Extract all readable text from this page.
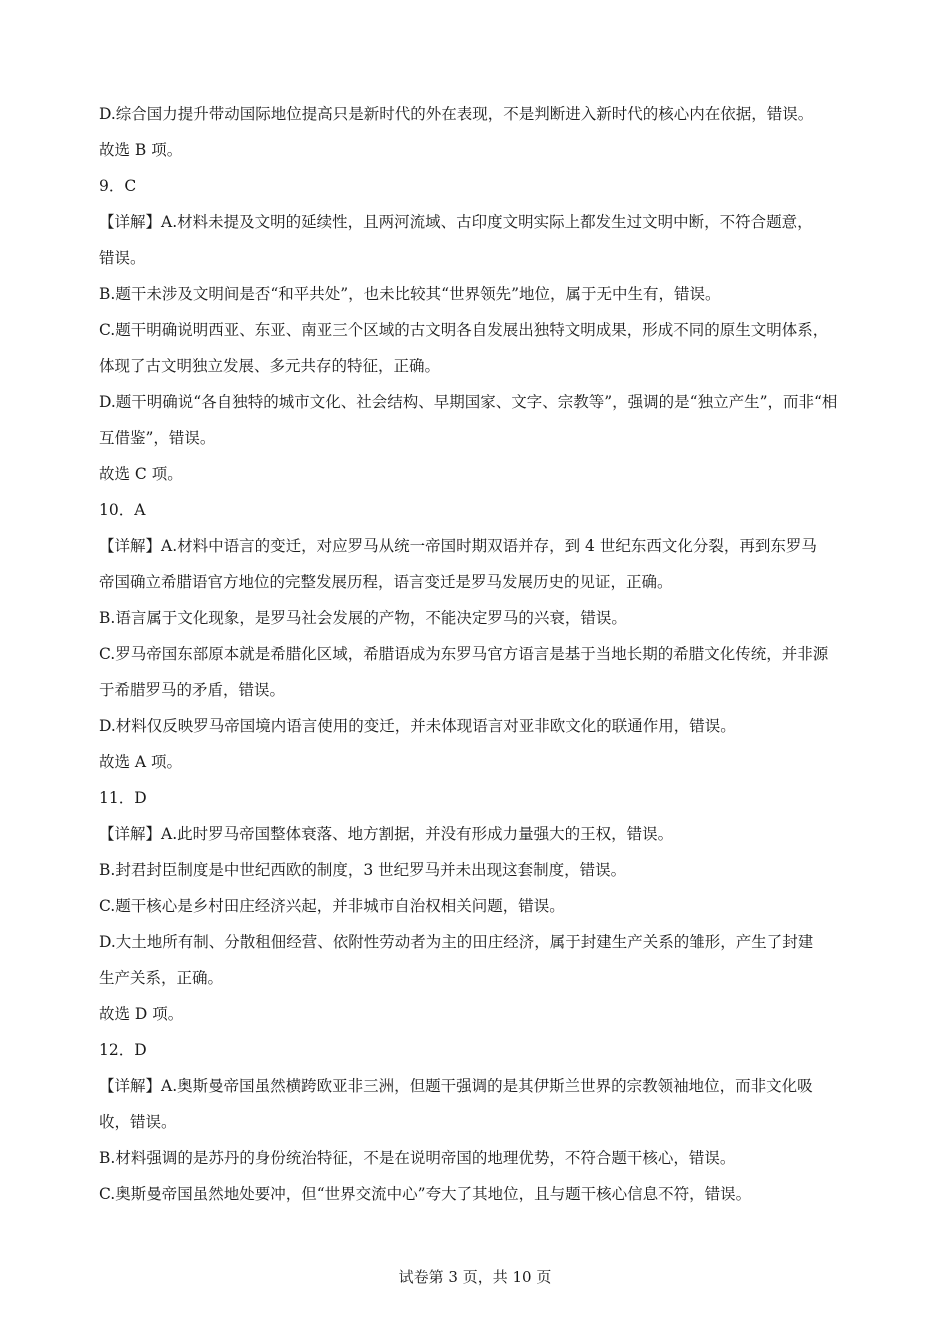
D.综合国力提升带动国际地位提高只是新时代的外在表现，不是判断进入新时代的核心内在依据，错误。
故选 B 项。
9．C
【详解】A.材料未提及文明的延续性，且两河流域、古印度文明实际上都发生过文明中断，不符合题意，
错误。
B.题干未涉及文明间是否“和平共处”，也未比较其“世界领先”地位，属于无中生有，错误。
C.题干明确说明西亚、东亚、南亚三个区域的古文明各自发展出独特文明成果，形成不同的原生文明体系，
体现了古文明独立发展、多元共存的特征，正确。
D.题干明确说“各自独特的城市文化、社会结构、早期国家、文字、宗教等”，强调的是“独立产生”，而非“相
互借鉴”，错误。
故选 C 项。
10．A
【详解】A.材料中语言的变迁，对应罗马从统一帝国时期双语并存，到 4 世纪东西文化分裂，再到东罗马
帝国确立希腊语官方地位的完整发展历程，语言变迁是罗马发展历史的见证，正确。
B.语言属于文化现象，是罗马社会发展的产物，不能决定罗马的兴衰，错误。
C.罗马帝国东部原本就是希腊化区域，希腊语成为东罗马官方语言是基于当地长期的希腊文化传统，并非源
于希腊罗马的矛盾，错误。
D.材料仅反映罗马帝国境内语言使用的变迁，并未体现语言对亚非欧文化的联通作用，错误。
故选 A 项。
11．D
【详解】A.此时罗马帝国整体衰落、地方割据，并没有形成力量强大的王权，错误。
B.封君封臣制度是中世纪西欧的制度，3 世纪罗马并未出现这套制度，错误。
C.题干核心是乡村田庄经济兴起，并非城市自治权相关问题，错误。
D.大土地所有制、分散租佃经营、依附性劳动者为主的田庄经济，属于封建生产关系的雏形，产生了封建
生产关系，正确。
故选 D 项。
12．D
【详解】A.奥斯曼帝国虽然横跨欧亚非三洲，但题干强调的是其伊斯兰世界的宗教领袖地位，而非文化吸
收，错误。
B.材料强调的是苏丹的身份统治特征，不是在说明帝国的地理优势，不符合题干核心，错误。
C.奥斯曼帝国虽然地处要冲，但“世界交流中心”夸大了其地位，且与题干核心信息不符，错误。
试卷第 3 页，共 10 页
